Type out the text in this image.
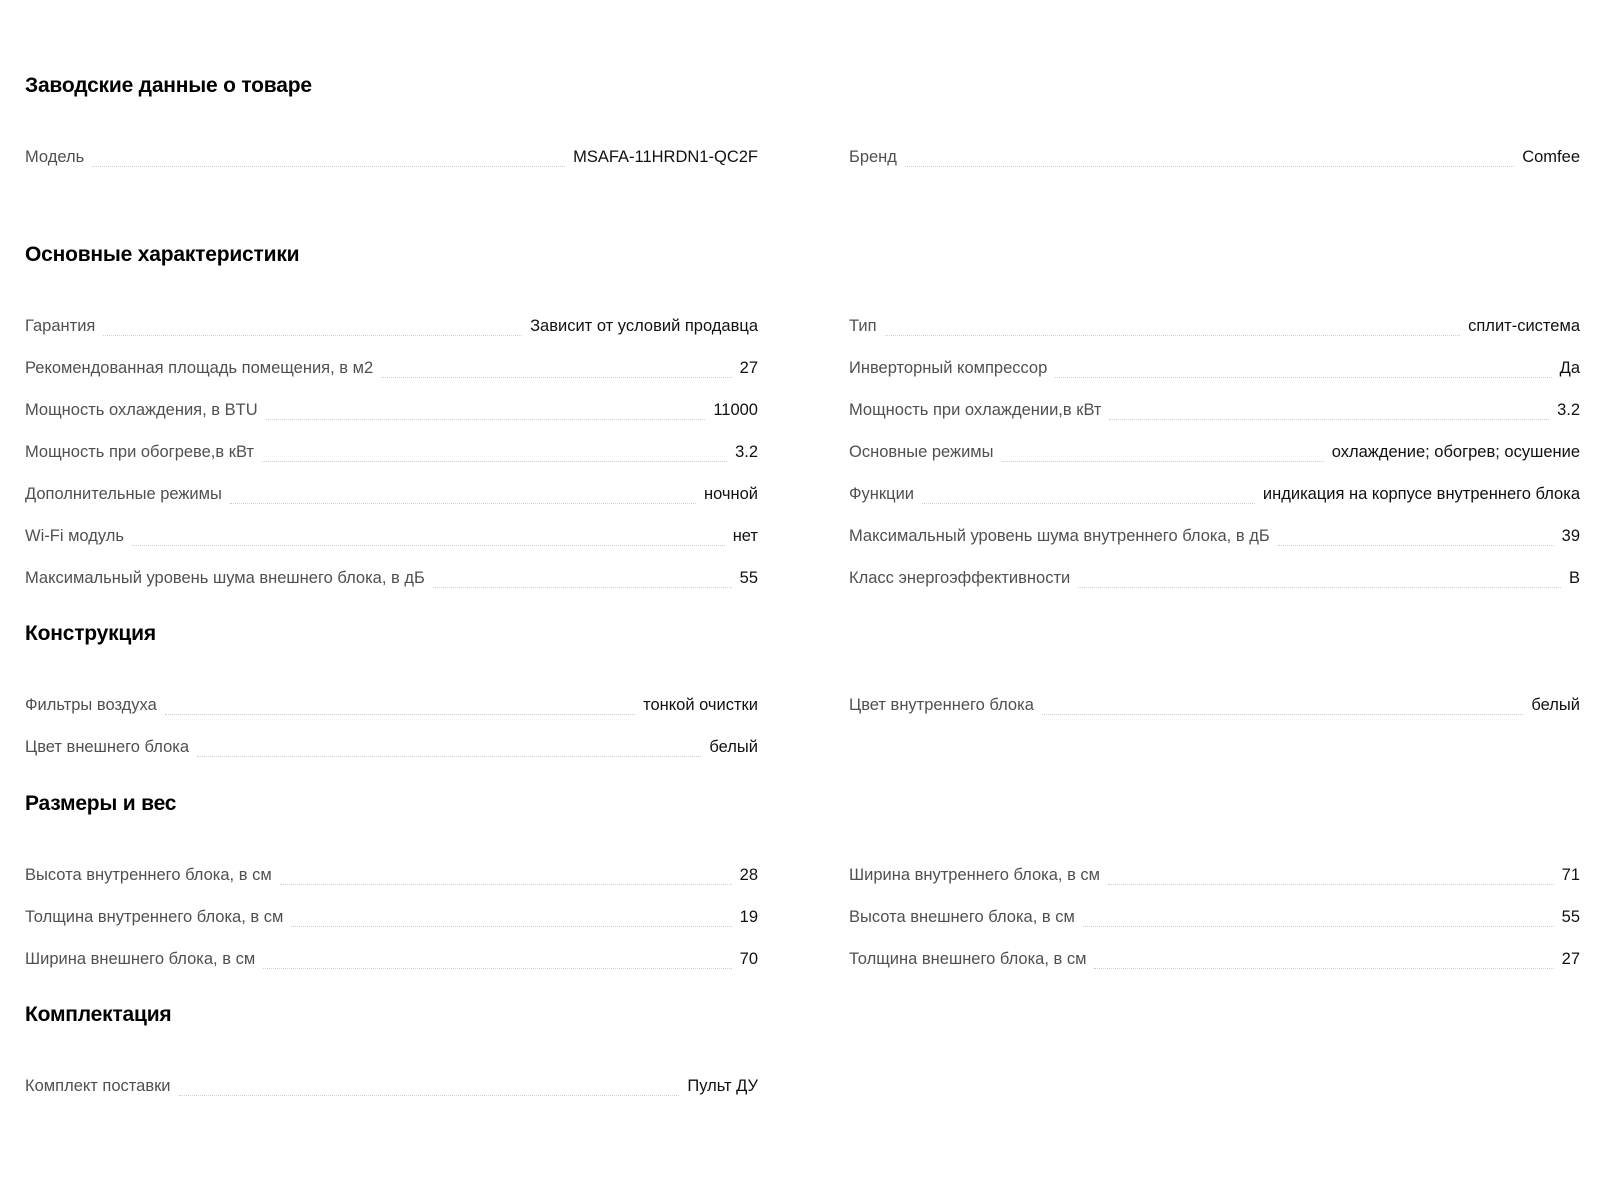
Заводские данные о товаре
Модель	MSAFA-11HRDN1-QC2F	Бренд	Comfee
Основные характеристики
Гарантия	Зависит от условий продавца
Рекомендованная площадь помещения, в м2	27
Мощность охлаждения, в BTU	11000
Мощность при обогреве,в кВт	3.2
Дополнительные режимы	ночной
Wi-Fi модуль	нет
Максимальный уровень шума внешнего блока, в дБ	55
Тип	сплит-система
Инверторный компрессор	Да
Мощность при охлаждении,в кВт	3.2
Основные режимы	охлаждение; обогрев; осушение
Функции	индикация на корпусе внутреннего блока
Максимальный уровень шума внутреннего блока, в дБ	39
Класс энергоэффективности	B
Конструкция
Фильтры воздуха	тонкой очистки
Цвет внешнего блока	белый
Цвет внутреннего блока	белый
Размеры и вес
Высота внутреннего блока, в см	28
Толщина внутреннего блока, в см	19
Ширина внешнего блока, в см	70
Ширина внутреннего блока, в см	71
Высота внешнего блока, в см	55
Толщина внешнего блока, в см	27
Комплектация
Комплект поставки	Пульт ДУ
